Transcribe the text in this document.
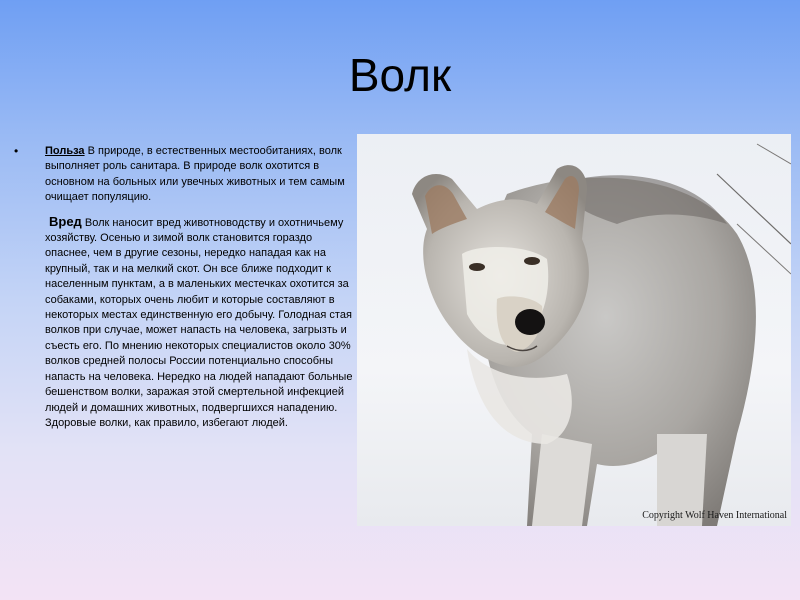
Волк
• Польза В природе, в естественных местообитаниях, волк выполняет роль санитара. В природе волк охотится в основном на больных или увечных животных и тем самым очищает популяцию.

Вред Волк наносит вред животноводству и охотничьему хозяйству. Осенью и зимой волк становится гораздо опаснее, чем в другие сезоны, нередко нападая как на крупный, так и на мелкий скот. Он все ближе подходит к населенным пунктам, а в маленьких местечках охотится за собаками, которых очень любит и которые составляют в некоторых местах единственную его добычу. Голодная стая волков при случае, может напасть на человека, загрызть и съесть его. По мнению некоторых специалистов около 30% волков средней полосы России потенциально способны напасть на человека. Нередко на людей нападают больные бешенством волки, заражая этой смертельной инфекцией людей и домашних животных, подвергшихся нападению. Здоровые волки, как правило, избегают людей.

Copyright Wolf Haven International
